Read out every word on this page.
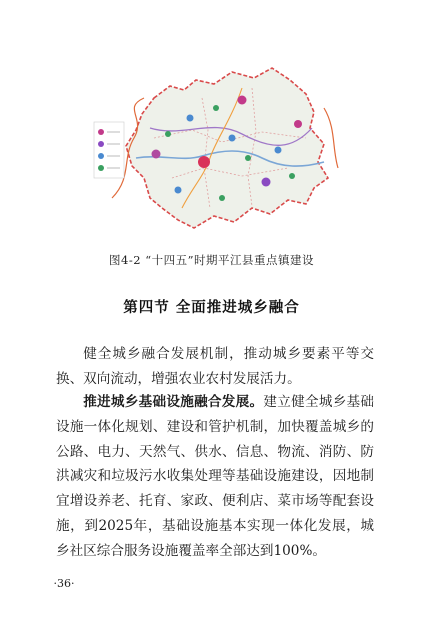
图4-2 “十四五”时期平江县重点镇建设
第四节 全面推进城乡融合

健全城乡融合发展机制，推动城乡要素平等交换、双向流动，增强农业农村发展活力。

推进城乡基础设施融合发展。建立健全城乡基础设施一体化规划、建设和管护机制，加快覆盖城乡的公路、电力、天然气、供水、信息、物流、消防、防洪减灾和垃圾污水收集处理等基础设施建设，因地制宜增设养老、托育、家政、便利店、菜市场等配套设施，到2025年，基础设施基本实现一体化发展，城乡社区综合服务设施覆盖率全部达到100%。

·36·
